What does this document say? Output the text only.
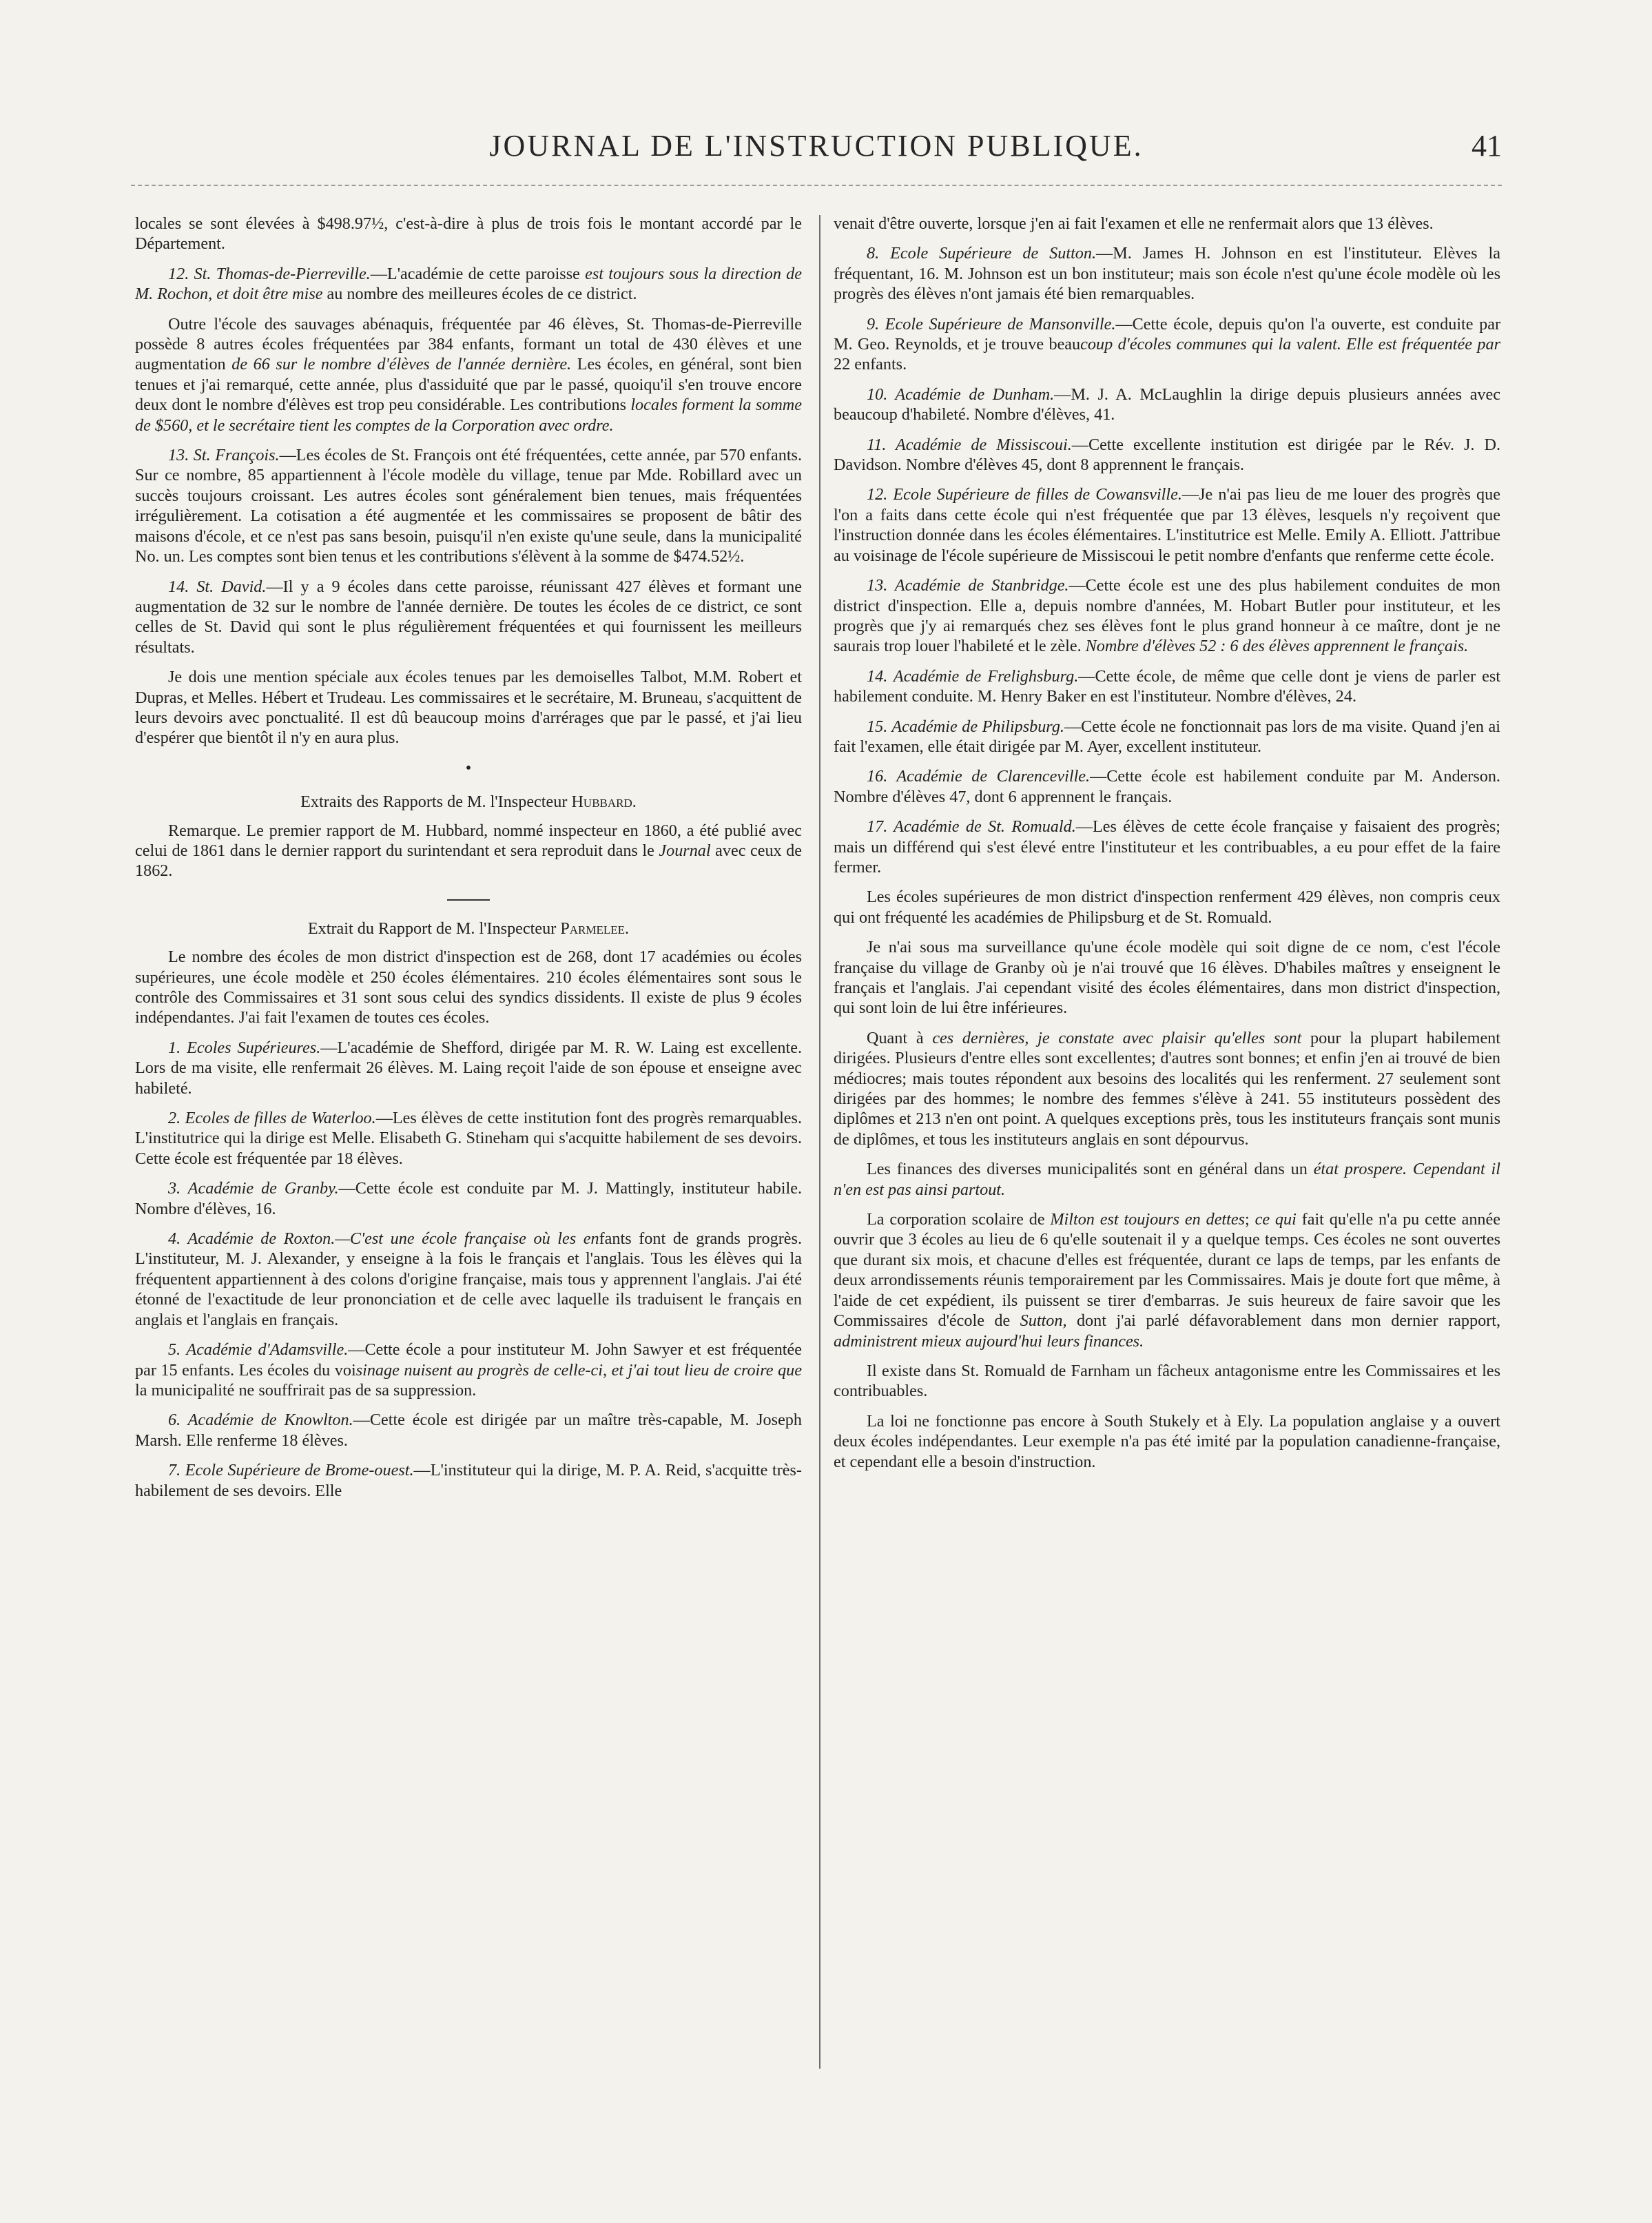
JOURNAL DE L'INSTRUCTION PUBLIQUE.	41

locales se sont élevées à $498.97½, c'est-à-dire à plus de trois fois le montant accordé par le Département.

12. St. Thomas-de-Pierreville.—L'académie de cette paroisse est toujours sous la direction de M. Rochon, et doit être mise au nombre des meilleures écoles de ce district.

Outre l'école des sauvages abénaquis, fréquentée par 46 élèves, St. Thomas-de-Pierreville possède 8 autres écoles fréquentées par 384 enfants, formant un total de 430 élèves et une augmentation de 66 sur le nombre d'élèves de l'année dernière. Les écoles, en général, sont bien tenues et j'ai remarqué, cette année, plus d'assiduité que par le passé, quoiqu'il s'en trouve encore deux dont le nombre d'élèves est trop peu considérable. Les contributions locales forment la somme de $560, et le secrétaire tient les comptes de la Corporation avec ordre.

13. St. François.—Les écoles de St. François ont été fréquentées, cette année, par 570 enfants. Sur ce nombre, 85 appartiennent à l'école modèle du village, tenue par Mde. Robillard avec un succès toujours croissant. Les autres écoles sont généralement bien tenues, mais fréquentées irrégulièrement. La cotisation a été augmentée et les commissaires se proposent de bâtir des maisons d'école, et ce n'est pas sans besoin, puisqu'il n'en existe qu'une seule, dans la municipalité No. un. Les comptes sont bien tenus et les contributions s'élèvent à la somme de $474.52½.

14. St. David.—Il y a 9 écoles dans cette paroisse, réunissant 427 élèves et formant une augmentation de 32 sur le nombre de l'année dernière. De toutes les écoles de ce district, ce sont celles de St. David qui sont le plus régulièrement fréquentées et qui fournissent les meilleurs résultats.

Je dois une mention spéciale aux écoles tenues par les demoiselles Talbot, M.M. Robert et Dupras, et Melles. Hébert et Trudeau. Les commissaires et le secrétaire, M. Bruneau, s'acquittent de leurs devoirs avec ponctualité. Il est dû beaucoup moins d'arrérages que par le passé, et j'ai lieu d'espérer que bientôt il n'y en aura plus.

•
Extraits des Rapports de M. l'Inspecteur Hubbard.

Remarque. Le premier rapport de M. Hubbard, nommé inspecteur en 1860, a été publié avec celui de 1861 dans le dernier rapport du surintendant et sera reproduit dans le Journal avec ceux de 1862.

Extrait du Rapport de M. l'Inspecteur Parmelee.

Le nombre des écoles de mon district d'inspection est de 268, dont 17 académies ou écoles supérieures, une école modèle et 250 écoles élémentaires. 210 écoles élémentaires sont sous le contrôle des Commissaires et 31 sont sous celui des syndics dissidents. Il existe de plus 9 écoles indépendantes. J'ai fait l'examen de toutes ces écoles.

1. Ecoles Supérieures.—L'académie de Shefford, dirigée par M. R. W. Laing est excellente. Lors de ma visite, elle renfermait 26 élèves. M. Laing reçoit l'aide de son épouse et enseigne avec habileté.

2. Ecoles de filles de Waterloo.—Les élèves de cette institution font des progrès remarquables. L'institutrice qui la dirige est Melle. Elisabeth G. Stineham qui s'acquitte habilement de ses devoirs. Cette école est fréquentée par 18 élèves.

3. Académie de Granby.—Cette école est conduite par M. J. Mattingly, instituteur habile. Nombre d'élèves, 16.

4. Académie de Roxton.—C'est une école française où les enfants font de grands progrès. L'instituteur, M. J. Alexander, y enseigne à la fois le français et l'anglais. Tous les élèves qui la fréquentent appartiennent à des colons d'origine française, mais tous y apprennent l'anglais. J'ai été étonné de l'exactitude de leur prononciation et de celle avec laquelle ils traduisent le français en anglais et l'anglais en français.

5. Académie d'Adamsville.—Cette école a pour instituteur M. John Sawyer et est fréquentée par 15 enfants. Les écoles du voisinage nuisent au progrès de celle-ci, et j'ai tout lieu de croire que la municipalité ne souffrirait pas de sa suppression.

6. Académie de Knowlton.—Cette école est dirigée par un maître très-capable, M. Joseph Marsh. Elle renferme 18 élèves.

7. Ecole Supérieure de Brome-ouest.—L'instituteur qui la dirige, M. P. A. Reid, s'acquitte très-habilement de ses devoirs. Elle

venait d'être ouverte, lorsque j'en ai fait l'examen et elle ne renfermait alors que 13 élèves.

8. Ecole Supérieure de Sutton.—M. James H. Johnson en est l'instituteur. Elèves la fréquentant, 16. M. Johnson est un bon instituteur; mais son école n'est qu'une école modèle où les progrès des élèves n'ont jamais été bien remarquables.

9. Ecole Supérieure de Mansonville.—Cette école, depuis qu'on l'a ouverte, est conduite par M. Geo. Reynolds, et je trouve beaucoup d'écoles communes qui la valent. Elle est fréquentée par 22 enfants.

10. Académie de Dunham.—M. J. A. McLaughlin la dirige depuis plusieurs années avec beaucoup d'habileté. Nombre d'élèves, 41.

11. Académie de Missiscoui.—Cette excellente institution est dirigée par le Rév. J. D. Davidson. Nombre d'élèves 45, dont 8 apprennent le français.

12. Ecole Supérieure de filles de Cowansville.—Je n'ai pas lieu de me louer des progrès que l'on a faits dans cette école qui n'est fréquentée que par 13 élèves, lesquels n'y reçoivent que l'instruction donnée dans les écoles élémentaires. L'institutrice est Melle. Emily A. Elliott. J'attribue au voisinage de l'école supérieure de Missiscoui le petit nombre d'enfants que renferme cette école.

13. Académie de Stanbridge.—Cette école est une des plus habilement conduites de mon district d'inspection. Elle a, depuis nombre d'années, M. Hobart Butler pour instituteur, et les progrès que j'y ai remarqués chez ses élèves font le plus grand honneur à ce maître, dont je ne saurais trop louer l'habileté et le zèle. Nombre d'élèves 52 : 6 des élèves apprennent le français.

14. Académie de Frelighsburg.—Cette école, de même que celle dont je viens de parler est habilement conduite. M. Henry Baker en est l'instituteur. Nombre d'élèves, 24.

15. Académie de Philipsburg.—Cette école ne fonctionnait pas lors de ma visite. Quand j'en ai fait l'examen, elle était dirigée par M. Ayer, excellent instituteur.

16. Académie de Clarenceville.—Cette école est habilement conduite par M. Anderson. Nombre d'élèves 47, dont 6 apprennent le français.

17. Académie de St. Romuald.—Les élèves de cette école française y faisaient des progrès; mais un différend qui s'est élevé entre l'instituteur et les contribuables, a eu pour effet de la faire fermer.

Les écoles supérieures de mon district d'inspection renferment 429 élèves, non compris ceux qui ont fréquenté les académies de Philipsburg et de St. Romuald.

Je n'ai sous ma surveillance qu'une école modèle qui soit digne de ce nom, c'est l'école française du village de Granby où je n'ai trouvé que 16 élèves. D'habiles maîtres y enseignent le français et l'anglais. J'ai cependant visité des écoles élémentaires, dans mon district d'inspection, qui sont loin de lui être inférieures.

Quant à ces dernières, je constate avec plaisir qu'elles sont pour la plupart habilement dirigées. Plusieurs d'entre elles sont excellentes; d'autres sont bonnes; et enfin j'en ai trouvé de bien médiocres; mais toutes répondent aux besoins des localités qui les renferment. 27 seulement sont dirigées par des hommes; le nombre des femmes s'élève à 241. 55 instituteurs possèdent des diplômes et 213 n'en ont point. A quelques exceptions près, tous les instituteurs français sont munis de diplômes, et tous les instituteurs anglais en sont dépourvus.

Les finances des diverses municipalités sont en général dans un état prospere. Cependant il n'en est pas ainsi partout.

La corporation scolaire de Milton est toujours en dettes; ce qui fait qu'elle n'a pu cette année ouvrir que 3 écoles au lieu de 6 qu'elle soutenait il y a quelque temps. Ces écoles ne sont ouvertes que durant six mois, et chacune d'elles est fréquentée, durant ce laps de temps, par les enfants de deux arrondissements réunis temporairement par les Commissaires. Mais je doute fort que même, à l'aide de cet expédient, ils puissent se tirer d'embarras. Je suis heureux de faire savoir que les Commissaires d'école de Sutton, dont j'ai parlé défavorablement dans mon dernier rapport, administrent mieux aujourd'hui leurs finances.

Il existe dans St. Romuald de Farnham un fâcheux antagonisme entre les Commissaires et les contribuables.

La loi ne fonctionne pas encore à South Stukely et à Ely. La population anglaise y a ouvert deux écoles indépendantes. Leur exemple n'a pas été imité par la population canadienne-française, et cependant elle a besoin d'instruction.
